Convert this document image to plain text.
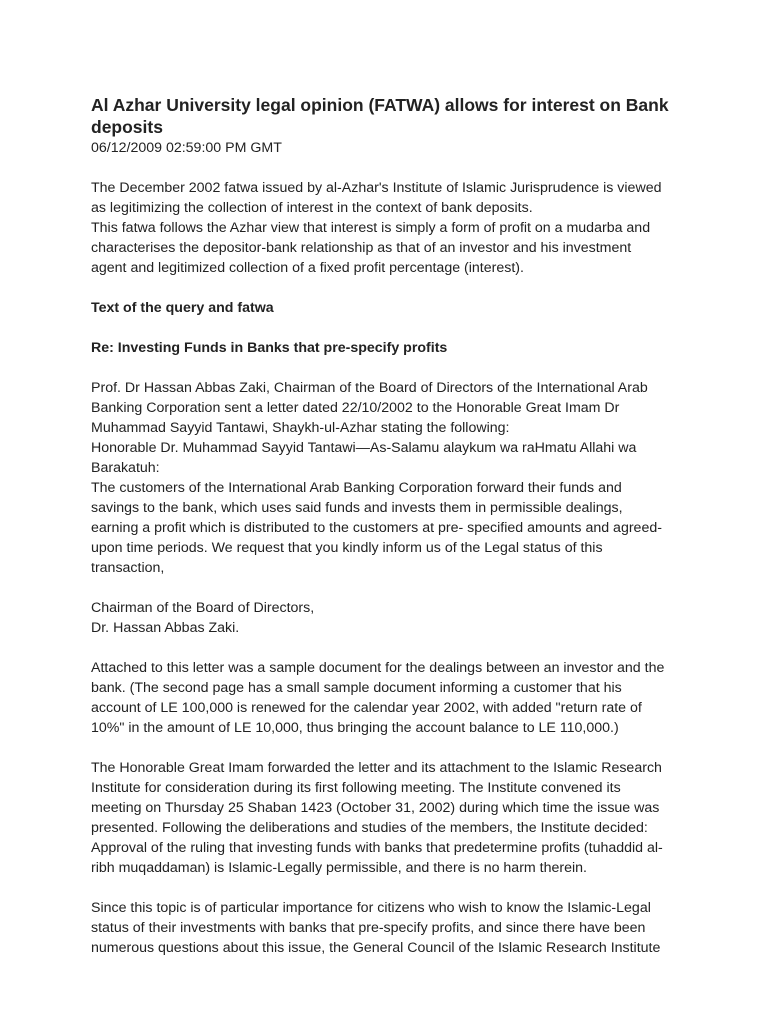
Al Azhar University legal opinion (FATWA) allows for interest on Bank
deposits
06/12/2009 02:59:00 PM GMT
The December 2002 fatwa issued by al-Azhar's Institute of Islamic Jurisprudence is viewed
as legitimizing the collection of interest in the context of bank deposits.
This fatwa follows the Azhar view that interest is simply a form of profit on a mudarba and
characterises the depositor-bank relationship as that of an investor and his investment
agent and legitimized collection of a fixed profit percentage (interest).
Text of the query and fatwa
Re: Investing Funds in Banks that pre-specify profits
Prof. Dr Hassan Abbas Zaki, Chairman of the Board of Directors of the International Arab
Banking Corporation sent a letter dated 22/10/2002 to the Honorable Great Imam Dr
Muhammad Sayyid Tantawi, Shaykh-ul-Azhar stating the following:
Honorable Dr. Muhammad Sayyid Tantawi—As-Salamu alaykum wa raHmatu Allahi wa
Barakatuh:
The customers of the International Arab Banking Corporation forward their funds and
savings to the bank, which uses said funds and invests them in permissible dealings,
earning a profit which is distributed to the customers at pre- specified amounts and agreed-
upon time periods. We request that you kindly inform us of the Legal status of this
transaction,
Chairman of the Board of Directors,
Dr. Hassan Abbas Zaki.
Attached to this letter was a sample document for the dealings between an investor and the
bank. (The second page has a small sample document informing a customer that his
account of LE 100,000 is renewed for the calendar year 2002, with added "return rate of
10%" in the amount of LE 10,000, thus bringing the account balance to LE 110,000.)
The Honorable Great Imam forwarded the letter and its attachment to the Islamic Research
Institute for consideration during its first following meeting. The Institute convened its
meeting on Thursday 25 Shaban 1423 (October 31, 2002) during which time the issue was
presented. Following the deliberations and studies of the members, the Institute decided:
Approval of the ruling that investing funds with banks that predetermine profits (tuhaddid al-
ribh muqaddaman) is Islamic-Legally permissible, and there is no harm therein.
Since this topic is of particular importance for citizens who wish to know the Islamic-Legal
status of their investments with banks that pre-specify profits, and since there have been
numerous questions about this issue, the General Council of the Islamic Research Institute
